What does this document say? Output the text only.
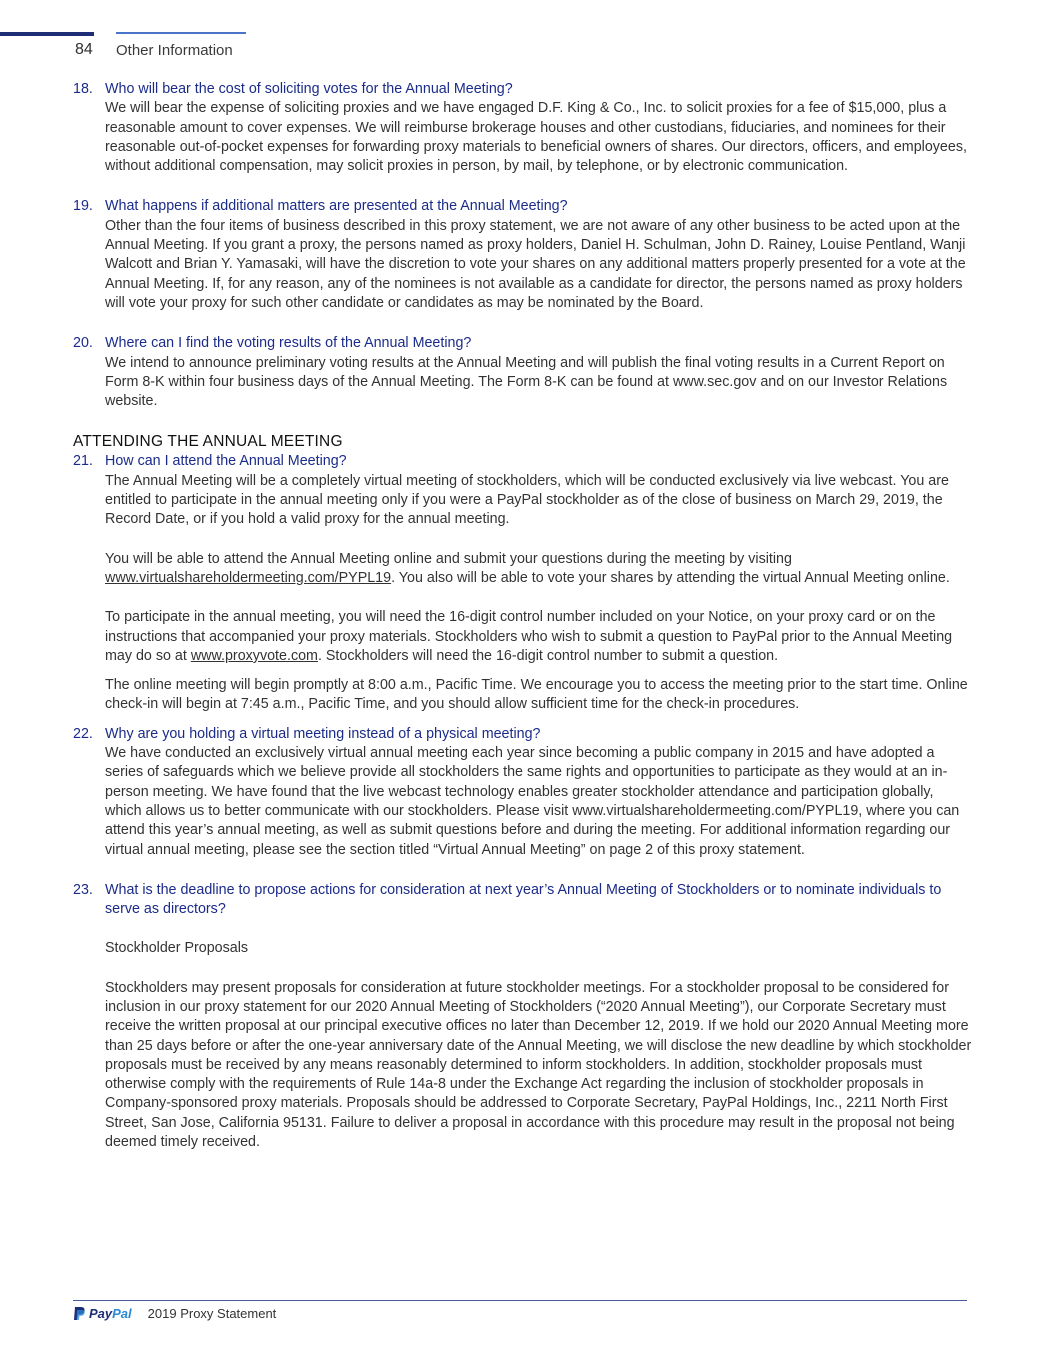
84 Other Information
18. Who will bear the cost of soliciting votes for the Annual Meeting?
We will bear the expense of soliciting proxies and we have engaged D.F. King & Co., Inc. to solicit proxies for a fee of $15,000, plus a reasonable amount to cover expenses. We will reimburse brokerage houses and other custodians, fiduciaries, and nominees for their reasonable out-of-pocket expenses for forwarding proxy materials to beneficial owners of shares. Our directors, officers, and employees, without additional compensation, may solicit proxies in person, by mail, by telephone, or by electronic communication.
19. What happens if additional matters are presented at the Annual Meeting?
Other than the four items of business described in this proxy statement, we are not aware of any other business to be acted upon at the Annual Meeting. If you grant a proxy, the persons named as proxy holders, Daniel H. Schulman, John D. Rainey, Louise Pentland, Wanji Walcott and Brian Y. Yamasaki, will have the discretion to vote your shares on any additional matters properly presented for a vote at the Annual Meeting. If, for any reason, any of the nominees is not available as a candidate for director, the persons named as proxy holders will vote your proxy for such other candidate or candidates as may be nominated by the Board.
20. Where can I find the voting results of the Annual Meeting?
We intend to announce preliminary voting results at the Annual Meeting and will publish the final voting results in a Current Report on Form 8-K within four business days of the Annual Meeting. The Form 8-K can be found at www.sec.gov and on our Investor Relations website.
ATTENDING THE ANNUAL MEETING
21. How can I attend the Annual Meeting?
The Annual Meeting will be a completely virtual meeting of stockholders, which will be conducted exclusively via live webcast. You are entitled to participate in the annual meeting only if you were a PayPal stockholder as of the close of business on March 29, 2019, the Record Date, or if you hold a valid proxy for the annual meeting.
You will be able to attend the Annual Meeting online and submit your questions during the meeting by visiting www.virtualshareholdermeeting.com/PYPL19. You also will be able to vote your shares by attending the virtual Annual Meeting online.
To participate in the annual meeting, you will need the 16-digit control number included on your Notice, on your proxy card or on the instructions that accompanied your proxy materials. Stockholders who wish to submit a question to PayPal prior to the Annual Meeting may do so at www.proxyvote.com. Stockholders will need the 16-digit control number to submit a question.
The online meeting will begin promptly at 8:00 a.m., Pacific Time. We encourage you to access the meeting prior to the start time. Online check-in will begin at 7:45 a.m., Pacific Time, and you should allow sufficient time for the check-in procedures.
22. Why are you holding a virtual meeting instead of a physical meeting?
We have conducted an exclusively virtual annual meeting each year since becoming a public company in 2015 and have adopted a series of safeguards which we believe provide all stockholders the same rights and opportunities to participate as they would at an in-person meeting. We have found that the live webcast technology enables greater stockholder attendance and participation globally, which allows us to better communicate with our stockholders. Please visit www.virtualshareholdermeeting.com/PYPL19, where you can attend this year’s annual meeting, as well as submit questions before and during the meeting. For additional information regarding our virtual annual meeting, please see the section titled “Virtual Annual Meeting” on page 2 of this proxy statement.
23. What is the deadline to propose actions for consideration at next year’s Annual Meeting of Stockholders or to nominate individuals to serve as directors?
Stockholder Proposals
Stockholders may present proposals for consideration at future stockholder meetings. For a stockholder proposal to be considered for inclusion in our proxy statement for our 2020 Annual Meeting of Stockholders (“2020 Annual Meeting”), our Corporate Secretary must receive the written proposal at our principal executive offices no later than December 12, 2019. If we hold our 2020 Annual Meeting more than 25 days before or after the one-year anniversary date of the Annual Meeting, we will disclose the new deadline by which stockholder proposals must be received by any means reasonably determined to inform stockholders. In addition, stockholder proposals must otherwise comply with the requirements of Rule 14a-8 under the Exchange Act regarding the inclusion of stockholder proposals in Company-sponsored proxy materials. Proposals should be addressed to Corporate Secretary, PayPal Holdings, Inc., 2211 North First Street, San Jose, California 95131. Failure to deliver a proposal in accordance with this procedure may result in the proposal not being deemed timely received.
PayPal 2019 Proxy Statement
